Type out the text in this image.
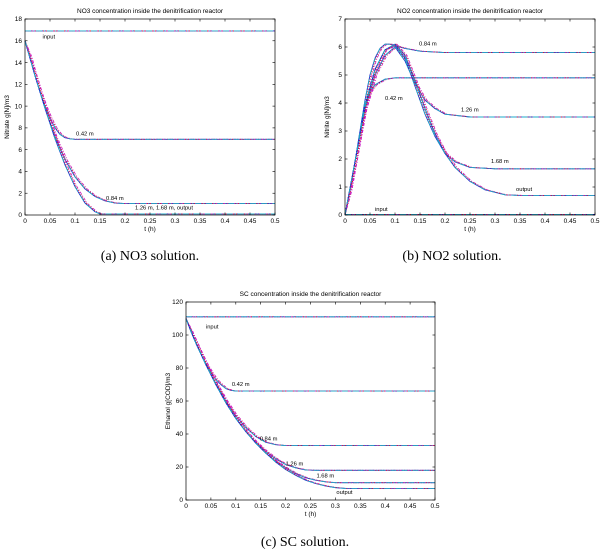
NO3 concentration inside the denitrification reactor
0	0.05 0.1 0.15 0.2 0.25 0.3 0.35 0.4 0.45 0.5
0
2
4
6
8
10
12
14
16
18
t (h)
Nitrate g[N]/m3
input
0.42 m
0.84 m
1.26 m, 1.68 m, output
NO2 concentration inside the denitrification reactor
0	0.05 0.1 0.15 0.2 0.25 0.3 0.35 0.4 0.45 0.5
0
1
2
3
4
5
6
7
t (h)
Nitrite g[N]/m3
input
0.84 m
0.42 m
1.26 m
1.68 m
output
SC concentration inside the denitrification reactor
0	0.05 0.1 0.15 0.2 0.25 0.3 0.35 0.4 0.45 0.5
0
20
40
60
80
100
120
t (h)
Ethanol g[COD]/m3
input
0.42 m
0.84 m
1.26 m
1.68 m
output
(a) NO3 solution.	(b) NO2 solution.
(c) SC solution.
